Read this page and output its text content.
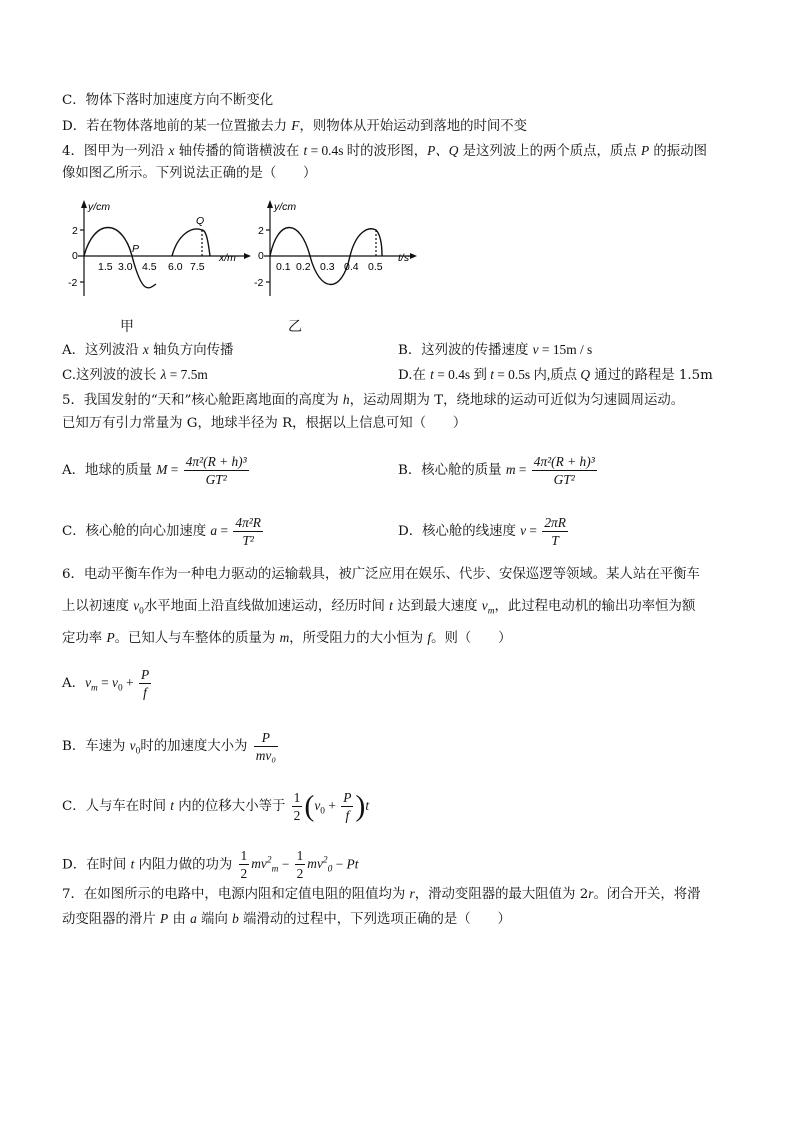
C．物体下落时加速度方向不断变化
D．若在物体落地前的某一位置撤去力 F，则物体从开始运动到落地的时间不变
4．图甲为一列沿 x 轴传播的简谐横波在 t = 0.4s 时的波形图，P、Q 是这列波上的两个质点，质点 P 的振动图
像如图乙所示。下列说法正确的是（　　）
y/cm
2
0
-2
1.5 3.0 4.5 6.0 7.5
P
Q
x/m
y/cm
2
0
-2
0.1 0.2 0.3 0.4 0.5
t/s
甲	乙
A．这列波沿 x 轴负方向传播	B．这列波的传播速度 v = 15m / s
C.这列波的波长 λ = 7.5m	D.在 t = 0.4s 到 t = 0.5s 内,质点 Q 通过的路程是 1.5m
5．我国发射的“天和”核心舱距离地面的高度为 h，运动周期为 T，绕地球的运动可近似为匀速圆周运动。
已知万有引力常量为 G，地球半径为 R，根据以上信息可知（　　）
A．地球的质量 $M = \frac{\text{4π²(R + h)³}}{\text{GT²}}$	B．核心舱的质量 $m = \frac{\text{4π²(R + h)³}}{\text{GT²}}$
C．核心舱的向心加速度 $a = \frac{\text{4π²R}}{\text{T²}}$	D．核心舱的线速度 $v = \frac{2\pi R}{T}$
6．电动平衡车作为一种电力驱动的运输载具，被广泛应用在娱乐、代步、安保巡逻等领域。某人站在平衡车
上以初速度 $v_0$水平地面上沿直线做加速运动，经历时间 t 达到最大速度 $v_m$，此过程电动机的输出功率恒为额
定功率 P。已知人与车整体的质量为 m，所受阻力的大小恒为 f。则（　　）
A．$v_m = v_0 + \frac{P}{f}$
B．车速为 $v_0$时的加速度大小为 $\frac{P}{\text{mv₀}}$
C．人与车在时间 t 内的位移大小等于 $\frac{1}{2} (v_0 + \frac{P}{f} )t$
D．在时间 t 内阻力做的功为 $\frac{1}{2} mv^2_m - \frac{1}{2} mv^2_0 - Pt$
7．在如图所示的电路中，电源内阻和定值电阻的阻值均为 r，滑动变阻器的最大阻值为 2r。闭合开关，将滑
动变阻器的滑片 P 由 a 端向 b 端滑动的过程中，下列选项正确的是（　　）
